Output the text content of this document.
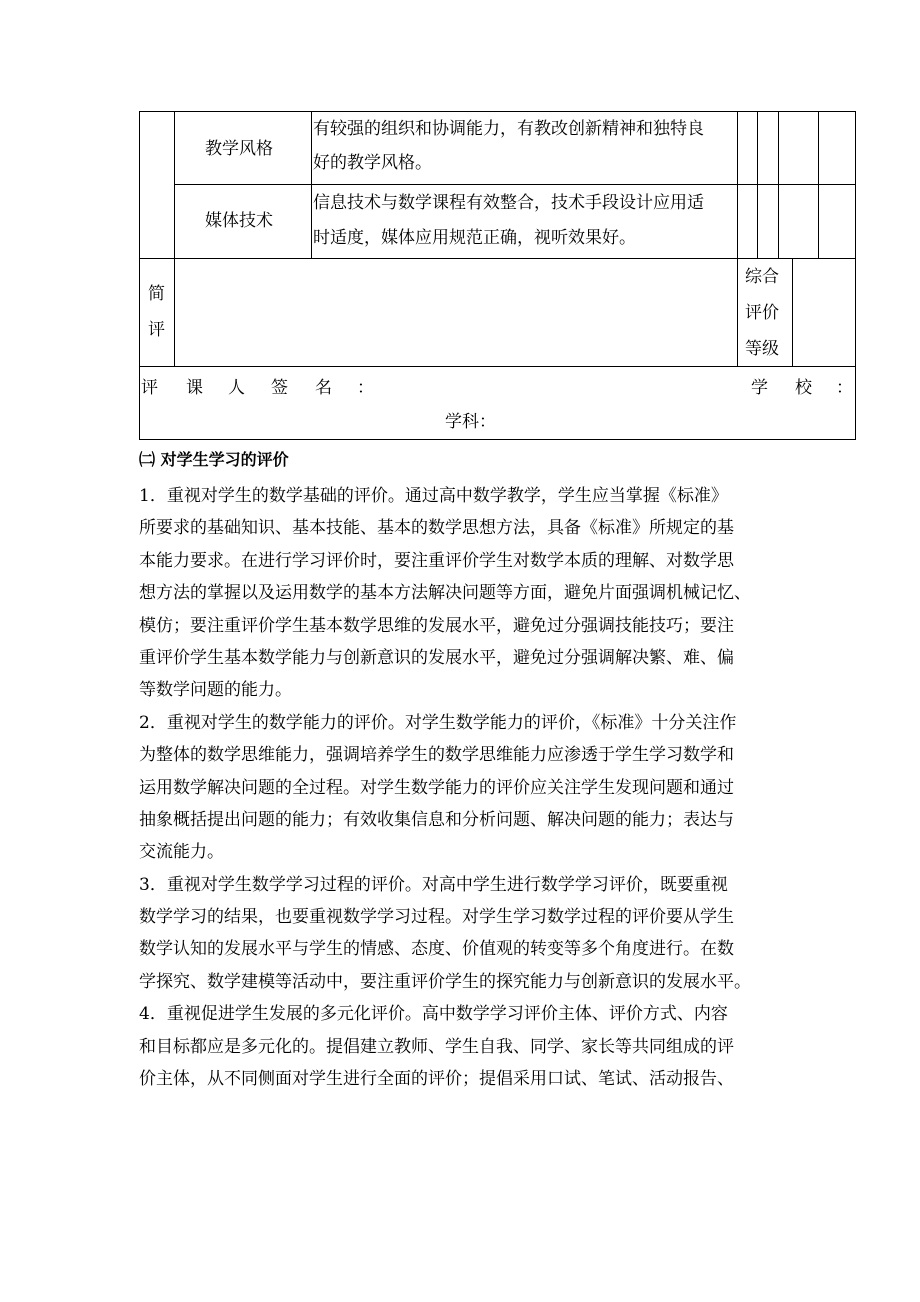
教学风格
有较强的组织和协调能力，有教改创新精神和独特良
好的教学风格。
媒体技术
信息技术与数学课程有效整合，技术手段设计应用适
时适度，媒体应用规范正确，视听效果好。
简
评
综合
评价
等级
评 课 人 签 名 ：	学 校 ：
学科：
㈡ 对学生学习的评价
1．重视对学生的数学基础的评价。通过高中数学教学，学生应当掌握《标准》
所要求的基础知识、基本技能、基本的数学思想方法，具备《标准》所规定的基
本能力要求。在进行学习评价时，要注重评价学生对数学本质的理解、对数学思
想方法的掌握以及运用数学的基本方法解决问题等方面，避免片面强调机械记忆、
模仿；要注重评价学生基本数学思维的发展水平，避免过分强调技能技巧；要注
重评价学生基本数学能力与创新意识的发展水平，避免过分强调解决繁、难、偏
等数学问题的能力。
2．重视对学生的数学能力的评价。对学生数学能力的评价，《标准》十分关注作
为整体的数学思维能力，强调培养学生的数学思维能力应渗透于学生学习数学和
运用数学解决问题的全过程。对学生数学能力的评价应关注学生发现问题和通过
抽象概括提出问题的能力；有效收集信息和分析问题、解决问题的能力；表达与
交流能力。
3．重视对学生数学学习过程的评价。对高中学生进行数学学习评价，既要重视
数学学习的结果，也要重视数学学习过程。对学生学习数学过程的评价要从学生
数学认知的发展水平与学生的情感、态度、价值观的转变等多个角度进行。在数
学探究、数学建模等活动中，要注重评价学生的探究能力与创新意识的发展水平。
4．重视促进学生发展的多元化评价。高中数学学习评价主体、评价方式、内容
和目标都应是多元化的。提倡建立教师、学生自我、同学、家长等共同组成的评
价主体，从不同侧面对学生进行全面的评价；提倡采用口试、笔试、活动报告、
